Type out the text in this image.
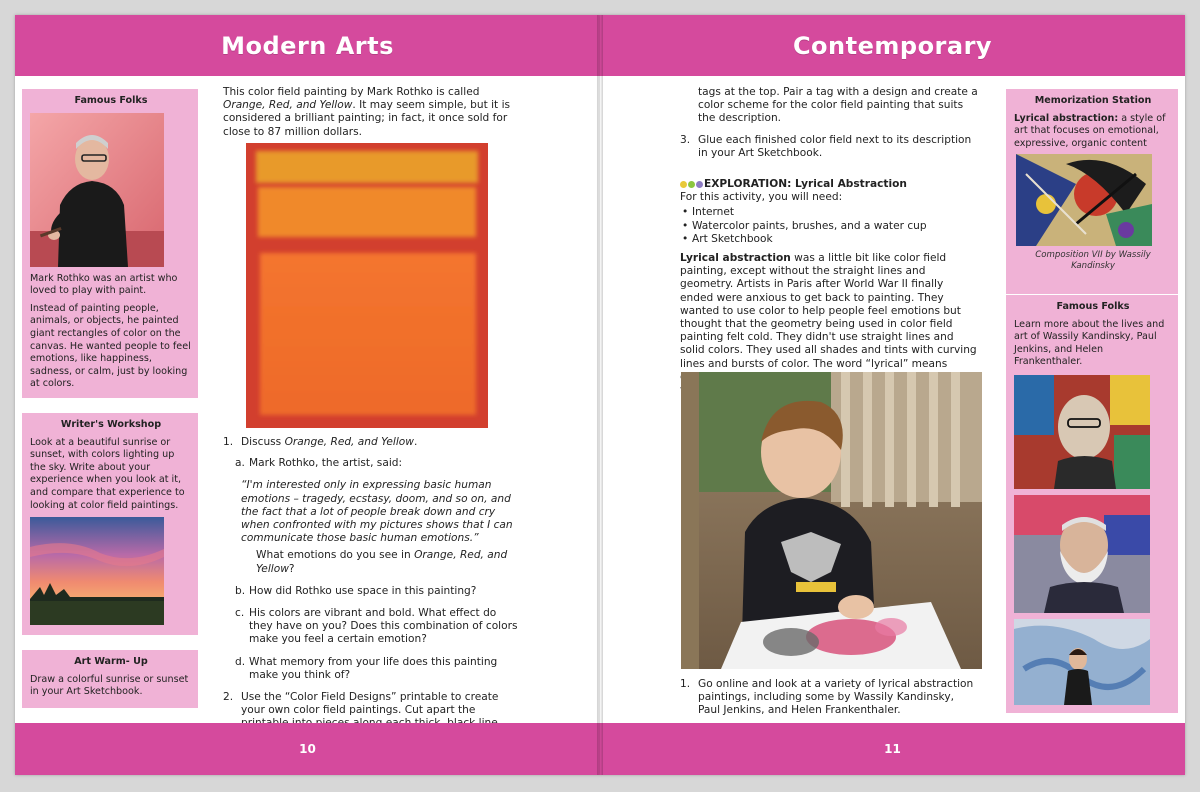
Modern Arts
Famous Folks

Mark Rothko was an artist who loved to play with paint.

Instead of painting people, animals, or objects, he painted giant rectangles of color on the canvas. He wanted people to feel emotions, like happiness, sadness, or calm, just by looking at colors.

Writer's Workshop

Look at a beautiful sunrise or sunset, with colors lighting up the sky. Write about your experience when you look at it, and compare that experience to looking at color field paintings.

Art Warm- Up

Draw a colorful sunrise or sunset in your Art Sketchbook.

This color field painting by Mark Rothko is called Orange, Red, and Yellow. It may seem simple, but it is considered a brilliant painting; in fact, it once sold for close to 87 million dollars.

1. Discuss Orange, Red, and Yellow.
a. Mark Rothko, the artist, said:
“I'm interested only in expressing basic human emotions – tragedy, ecstasy, doom, and so on, and the fact that a lot of people break down and cry when confronted with my pictures shows that I can communicate those basic human emotions.”
What emotions do you see in Orange, Red, and Yellow?
b. How did Rothko use space in this painting?
c. His colors are vibrant and bold. What effect do they have on you? Does this combination of colors make you feel a certain emotion?
d. What memory from your life does this painting make you think of?
2. Use the “Color Field Designs” printable to create your own color field paintings. Cut apart the
10
Contemporary
tags at the top. Pair a tag with a design and create a color scheme for the color field painting that suits the description.
3. Glue each finished color field next to its description in your Art Sketchbook.
EXPLORATION: Lyrical Abstraction
For this activity, you will need:
• Internet
• Watercolor paints, brushes, and a water cup
• Art Sketchbook

Lyrical abstraction was a little bit like color field painting, except without the straight lines and geometry. Artists in Paris after World War II finally ended were anxious to get back to painting. They wanted to use color to help people feel emotions but thought that the geometry being used in color field painting felt cold. They didn't use straight lines and solid colors. They used all shades and tints with curving lines and bursts of color. The word “lyrical” means

1. Go online and look at a variety of lyrical abstraction paintings, including some by Wassily Kandinsky, Paul Jenkins, and Helen Frankenthaler.
Memorization Station

Lyrical abstraction: a style of art that focuses on emotional, expressive, organic content

Composition VII by Wassily Kandinsky
Famous Folks

Learn more about the lives and art of Wassily Kandinsky, Paul Jenkins, and Helen Frankenthaler.

11
